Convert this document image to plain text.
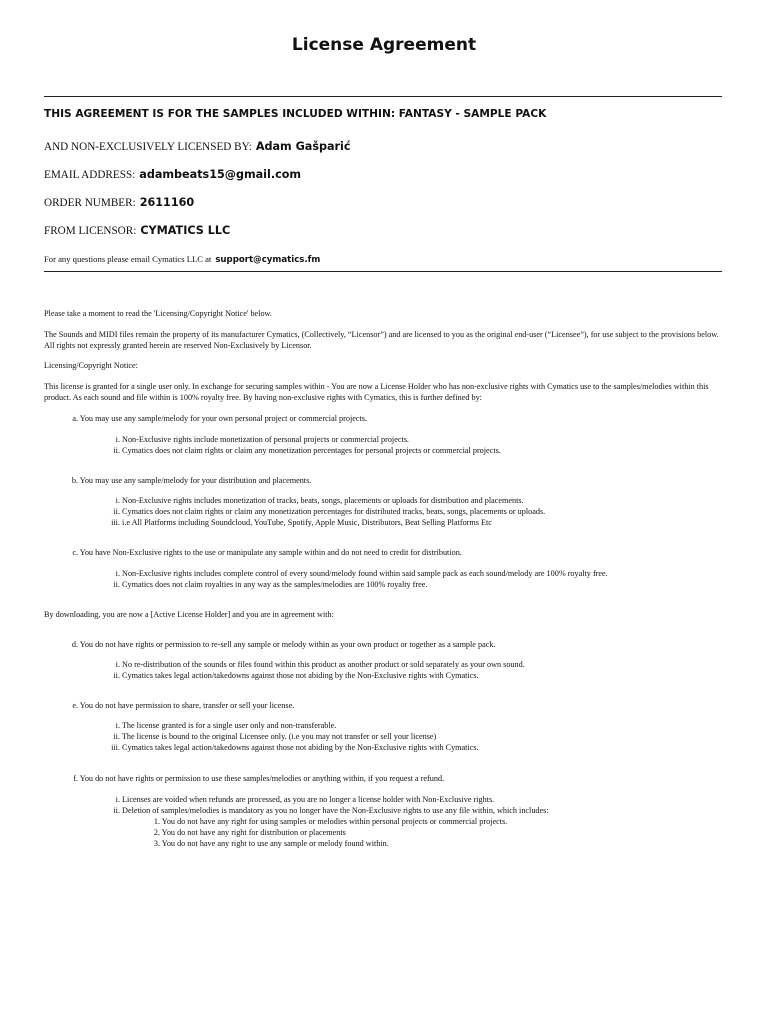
License Agreement
THIS AGREEMENT IS FOR THE SAMPLES INCLUDED WITHIN: FANTASY - SAMPLE PACK
AND NON-EXCLUSIVELY LICENSED BY: Adam Gašparić
EMAIL ADDRESS: adambeats15@gmail.com
ORDER NUMBER: 2611160
FROM LICENSOR: CYMATICS LLC
For any questions please email Cymatics LLC at support@cymatics.fm

Please take a moment to read the 'Licensing/Copyright Notice' below.

The Sounds and MIDI files remain the property of its manufacturer Cymatics, (Collectively, “Licensor”) and are licensed to you as the original end-user (“Licensee”), for use subject to the provisions below. All rights not expressly granted herein are reserved Non-Exclusively by Licensor.

Licensing/Copyright Notice:

This license is granted for a single user only. In exchange for securing samples within - You are now a License Holder who has non-exclusive rights with Cymatics use to the samples/melodies within this product. As each sound and file within is 100% royalty free. By having non-exclusive rights with Cymatics, this is further defined by:

a. You may use any sample/melody for your own personal project or commercial projects.
i. Non-Exclusive rights include monetization of personal projects or commercial projects.
ii. Cymatics does not claim rights or claim any monetization percentages for personal projects or commercial projects.
b. You may use any sample/melody for your distribution and placements.
i. Non-Exclusive rights includes monetization of tracks, beats, songs, placements or uploads for distribution and placements.
ii. Cymatics does not claim rights or claim any monetization percentages for distributed tracks, beats, songs, placements or uploads.
iii. i.e All Platforms including Soundcloud, YouTube, Spotify, Apple Music, Distributors, Beat Selling Platforms Etc
c. You have Non-Exclusive rights to the use or manipulate any sample within and do not need to credit for distribution.
i. Non-Exclusive rights includes complete control of every sound/melody found within said sample pack as each sound/melody are 100% royalty free.
ii. Cymatics does not claim royalties in any way as the samples/melodies are 100% royalty free.

By downloading, you are now a [Active License Holder] and you are in agreement with:

d. You do not have rights or permission to re-sell any sample or melody within as your own product or together as a sample pack.
i. No re-distribution of the sounds or files found within this product as another product or sold separately as your own sound.
ii. Cymatics takes legal action/takedowns against those not abiding by the Non-Exclusive rights with Cymatics.
e. You do not have permission to share, transfer or sell your license.
i. The license granted is for a single user only and non-transferable.
ii. The license is bound to the original Licensee only. (i.e you may not transfer or sell your license)
iii. Cymatics takes legal action/takedowns against those not abiding by the Non-Exclusive rights with Cymatics.
f. You do not have rights or permission to use these samples/melodies or anything within, if you request a refund.
i. Licenses are voided when refunds are processed, as you are no longer a license holder with Non-Exclusive rights.
ii. Deletion of samples/melodies is mandatory as you no longer have the Non-Exclusive rights to use any file within, which includes:
1. You do not have any right for using samples or melodies within personal projects or commercial projects.
2. You do not have any right for distribution or placements
3. You do not have any right to use any sample or melody found within.
